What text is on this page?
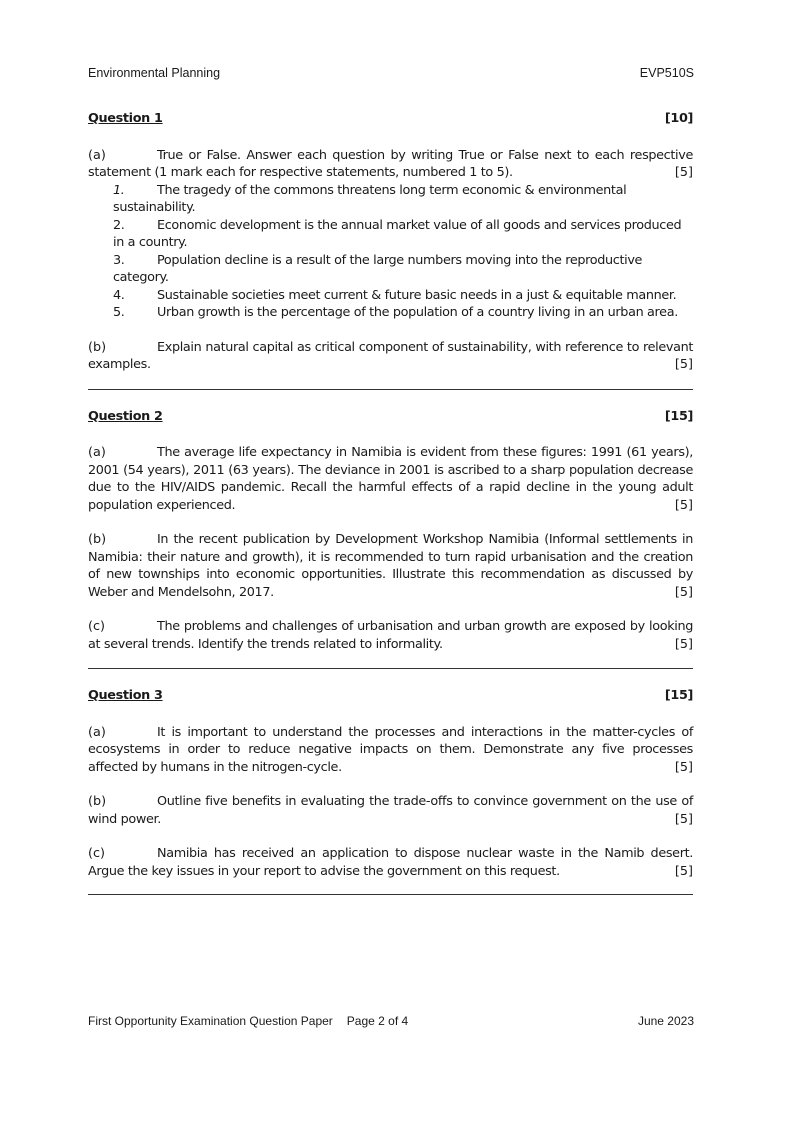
Environmental Planning	EVP510S
Question 1	[10]

(a)	True or False. Answer each question by writing True or False next to each respective statement (1 mark each for respective statements, numbered 1 to 5).	[5]

1.	The tragedy of the commons threatens long term economic & environmental sustainability.
2.	Economic development is the annual market value of all goods and services produced in a country.
3.	Population decline is a result of the large numbers moving into the reproductive category.
4.	Sustainable societies meet current & future basic needs in a just & equitable manner.
5.	Urban growth is the percentage of the population of a country living in an urban area.

(b)	Explain natural capital as critical component of sustainability, with reference to relevant examples.	[5]

Question 2	[15]

(a)	The average life expectancy in Namibia is evident from these figures: 1991 (61 years), 2001 (54 years), 2011 (63 years). The deviance in 2001 is ascribed to a sharp population decrease due to the HIV/AIDS pandemic. Recall the harmful effects of a rapid decline in the young adult population experienced.	[5]

(b)	In the recent publication by Development Workshop Namibia (Informal settlements in Namibia: their nature and growth), it is recommended to turn rapid urbanisation and the creation of new townships into economic opportunities. Illustrate this recommendation as discussed by Weber and Mendelsohn, 2017.	[5]

(c)	The problems and challenges of urbanisation and urban growth are exposed by looking at several trends. Identify the trends related to informality.	[5]

Question 3	[15]

(a)	It is important to understand the processes and interactions in the matter-cycles of ecosystems in order to reduce negative impacts on them. Demonstrate any five processes affected by humans in the nitrogen-cycle.	[5]

(b)	Outline five benefits in evaluating the trade-offs to convince government on the use of wind power.	[5]

(c)	Namibia has received an application to dispose nuclear waste in the Namib desert. Argue the key issues in your report to advise the government on this request.	[5]

First Opportunity Examination Question Paper Page 2 of 4	June 2023
